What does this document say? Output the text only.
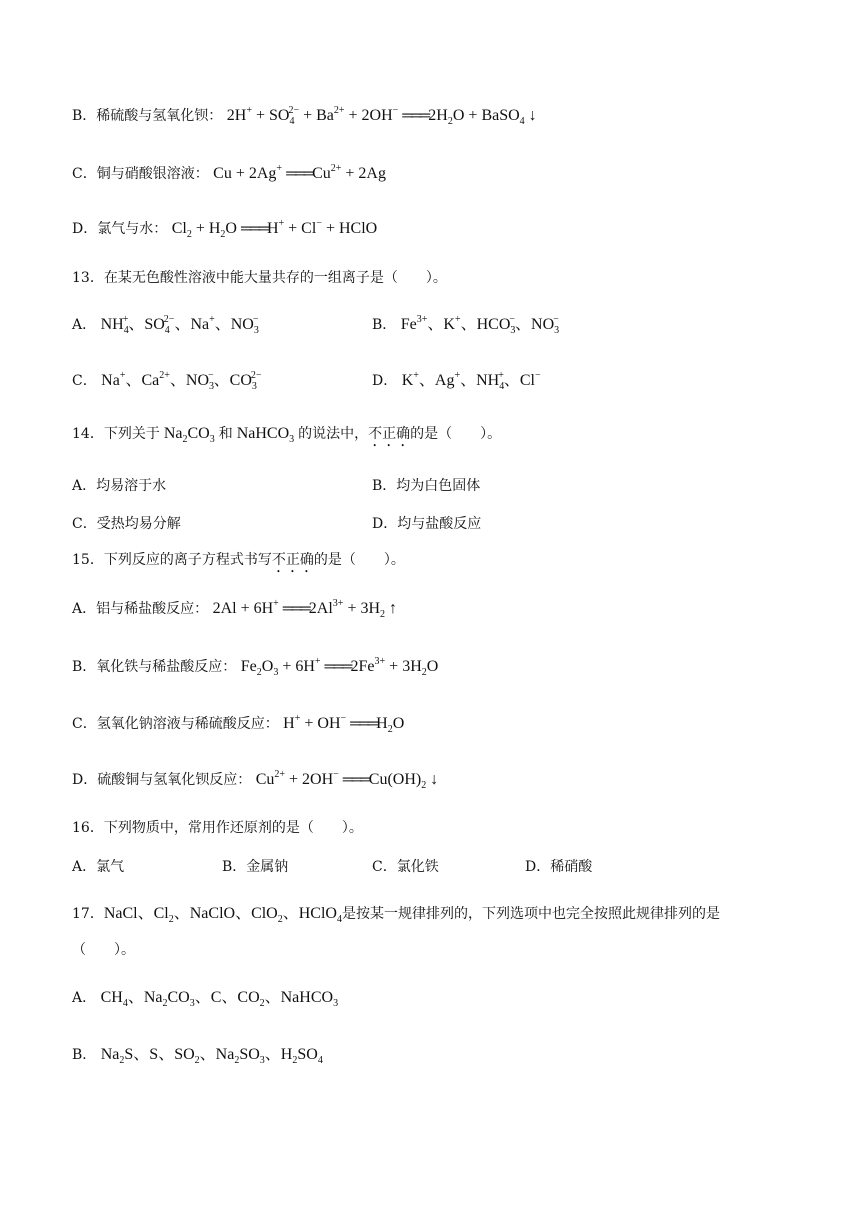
B．稀硫酸与氢氧化钡： $2H^+ + SO_4^{2-} + Ba^{2+} + 2OH^-$ ═══ $2H_2O$ + BaSO$_4$ ↓
C．铜与硝酸银溶液： Cu + 2Ag+ ═══ $Cu^{2+} + 2Ag$
D．氯气与水： $Cl_2 + H_2O$ ═══ H+ + Cl− + HClO
13．在某无色酸性溶液中能大量共存的一组离子是（　　）。
A． $NH_4^+$、$SO_4^{2-}$、Na+、$NO_3^-$	B． $Fe^{3+}$、K+、$HCO_3^-$、$NO_3^-$
C． Na+、$Ca^{2+}$、$NO_3^-$、$CO_3^{2-}$	D． K+、Ag+、$NH_4^+$、Cl−
14．下列关于 $Na_2CO_3$ 和 NaHCO$_3$ 的说法中，不正确的是（　　）。
A．均易溶于水	B．均为白色固体
C．受热均易分解	D．均与盐酸反应
15．下列反应的离子方程式书写不正确的是（　　）。
A．铝与稀盐酸反应： 2Al + 6H+ ═══ $2Al^{3+} + 3H_2$ ↑
B．氧化铁与稀盐酸反应： $Fe_2O_3 + 6H^+$ ═══ $2Fe^{3+} + 3H_2O$
C．氢氧化钠溶液与稀硫酸反应： H+ + OH− ═══ $H_2O$
D．硫酸铜与氢氧化钡反应： $Cu^{2+} + 2OH^-$ ═══ $Cu(OH)_2$ ↓
16．下列物质中，常用作还原剂的是（　　）。
A．氯气	B．金属钠	C．氯化铁	D．稀硝酸
17．NaCl、$Cl_2$、NaClO、ClO$_2$、HClO$_4$是按某一规律排列的，下列选项中也完全按照此规律排列的是
（　　）。
A． $CH_4$、$Na_2CO_3$、C、$CO_2$、NaHCO$_3$
B． $Na_2S$、S、$SO_2$、$Na_2SO_3$、$H_2SO_4$
